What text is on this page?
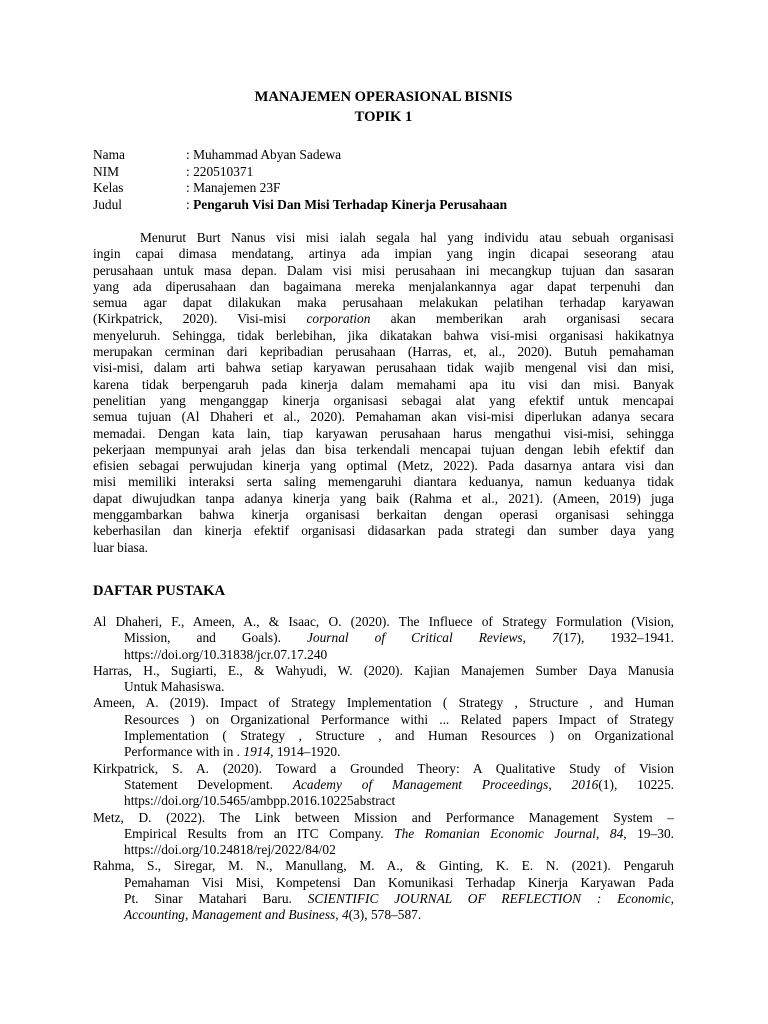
MANAJEMEN OPERASIONAL BISNIS
TOPIK 1
Nama	: Muhammad Abyan Sadewa
NIM	: 220510371
Kelas	: Manajemen 23F
Judul	: Pengaruh Visi Dan Misi Terhadap Kinerja Perusahaan
Menurut Burt Nanus visi misi ialah segala hal yang individu atau sebuah organisasi
ingin capai dimasa mendatang, artinya ada impian yang ingin dicapai seseorang atau
perusahaan untuk masa depan. Dalam visi misi perusahaan ini mecangkup tujuan dan sasaran
yang ada diperusahaan dan bagaimana mereka menjalankannya agar dapat terpenuhi dan
semua agar dapat dilakukan maka perusahaan melakukan pelatihan terhadap karyawan
(Kirkpatrick, 2020). Visi-misi corporation akan memberikan arah organisasi secara
menyeluruh. Sehingga, tidak berlebihan, jika dikatakan bahwa visi-misi organisasi hakikatnya
merupakan cerminan dari kepribadian perusahaan (Harras, et, al., 2020). Butuh pemahaman
visi-misi, dalam arti bahwa setiap karyawan perusahaan tidak wajib mengenal visi dan misi,
karena tidak berpengaruh pada kinerja dalam memahami apa itu visi dan misi. Banyak
penelitian yang menganggap kinerja organisasi sebagai alat yang efektif untuk mencapai
semua tujuan (Al Dhaheri et al., 2020). Pemahaman akan visi-misi diperlukan adanya secara
memadai. Dengan kata lain, tiap karyawan perusahaan harus mengathui visi-misi, sehingga
pekerjaan mempunyai arah jelas dan bisa terkendali mencapai tujuan dengan lebih efektif dan
efisien sebagai perwujudan kinerja yang optimal (Metz, 2022). Pada dasarnya antara visi dan
misi memiliki interaksi serta saling memengaruhi diantara keduanya, namun keduanya tidak
dapat diwujudkan tanpa adanya kinerja yang baik (Rahma et al., 2021). (Ameen, 2019) juga
menggambarkan bahwa kinerja organisasi berkaitan dengan operasi organisasi sehingga
keberhasilan dan kinerja efektif organisasi didasarkan pada strategi dan sumber daya yang
luar biasa.
DAFTAR PUSTAKA
Al Dhaheri, F., Ameen, A., & Isaac, O. (2020). The Influece of Strategy Formulation (Vision,
Mission, and Goals). Journal of Critical Reviews, 7(17), 1932–1941.
https://doi.org/10.31838/jcr.07.17.240
Harras, H., Sugiarti, E., & Wahyudi, W. (2020). Kajian Manajemen Sumber Daya Manusia
Untuk Mahasiswa.
Ameen, A. (2019). Impact of Strategy Implementation ( Strategy , Structure , and Human
Resources ) on Organizational Performance withi ... Related papers Impact of Strategy
Implementation ( Strategy , Structure , and Human Resources ) on Organizational
Performance with in . 1914, 1914–1920.
Kirkpatrick, S. A. (2020). Toward a Grounded Theory: A Qualitative Study of Vision
Statement Development. Academy of Management Proceedings, 2016(1), 10225.
https://doi.org/10.5465/ambpp.2016.10225abstract
Metz, D. (2022). The Link between Mission and Performance Management System –
Empirical Results from an ITC Company. The Romanian Economic Journal, 84, 19–30.
https://doi.org/10.24818/rej/2022/84/02
Rahma, S., Siregar, M. N., Manullang, M. A., & Ginting, K. E. N. (2021). Pengaruh
Pemahaman Visi Misi, Kompetensi Dan Komunikasi Terhadap Kinerja Karyawan Pada
Pt. Sinar Matahari Baru. SCIENTIFIC JOURNAL OF REFLECTION : Economic,
Accounting, Management and Business, 4(3), 578–587.
